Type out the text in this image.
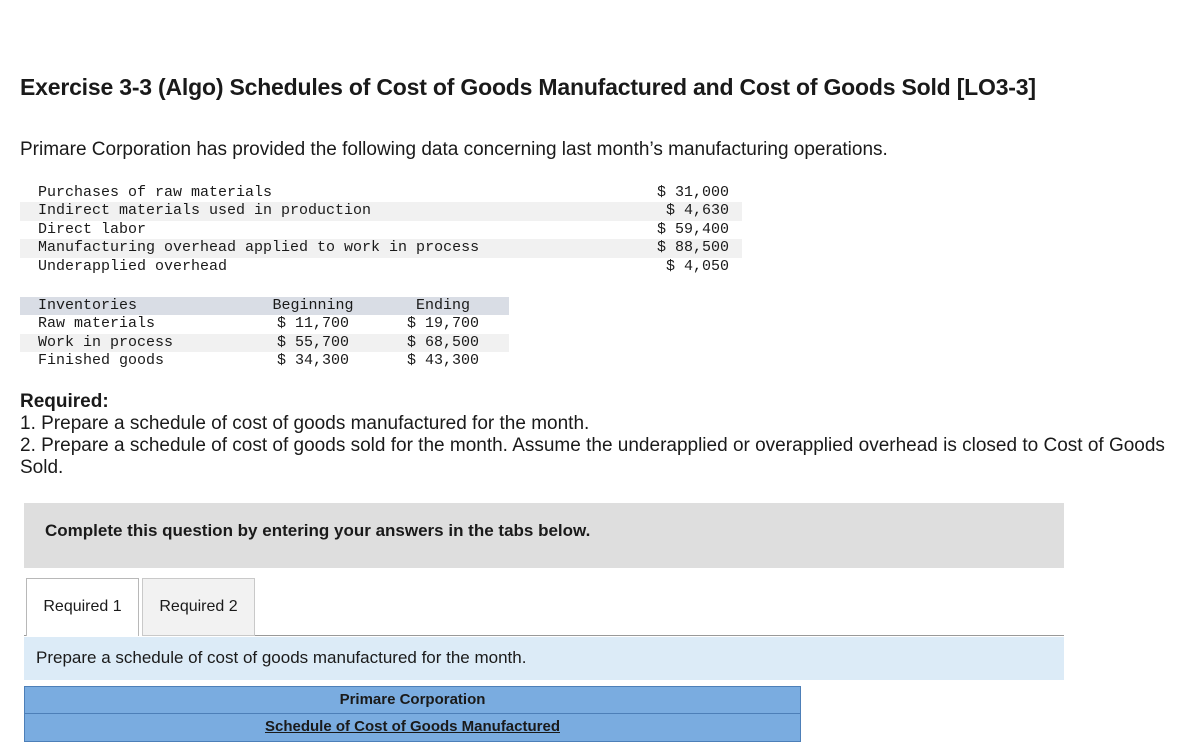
Exercise 3-3 (Algo) Schedules of Cost of Goods Manufactured and Cost of Goods Sold [LO3-3]
Primare Corporation has provided the following data concerning last month’s manufacturing operations.
Purchases of raw materials	$ 31,000
Indirect materials used in production	$ 4,630
Direct labor	$ 59,400
Manufacturing overhead applied to work in process	$ 88,500
Underapplied overhead	$ 4,050
Inventories	Beginning	Ending
Raw materials	$ 11,700	$ 19,700
Work in process	$ 55,700	$ 68,500
Finished goods	$ 34,300	$ 43,300
Required:
1. Prepare a schedule of cost of goods manufactured for the month.
2. Prepare a schedule of cost of goods sold for the month. Assume the underapplied or overapplied overhead is closed to Cost of Goods Sold.
Complete this question by entering your answers in the tabs below.
Required 1	Required 2
Prepare a schedule of cost of goods manufactured for the month.
Primare Corporation
Schedule of Cost of Goods Manufactured
